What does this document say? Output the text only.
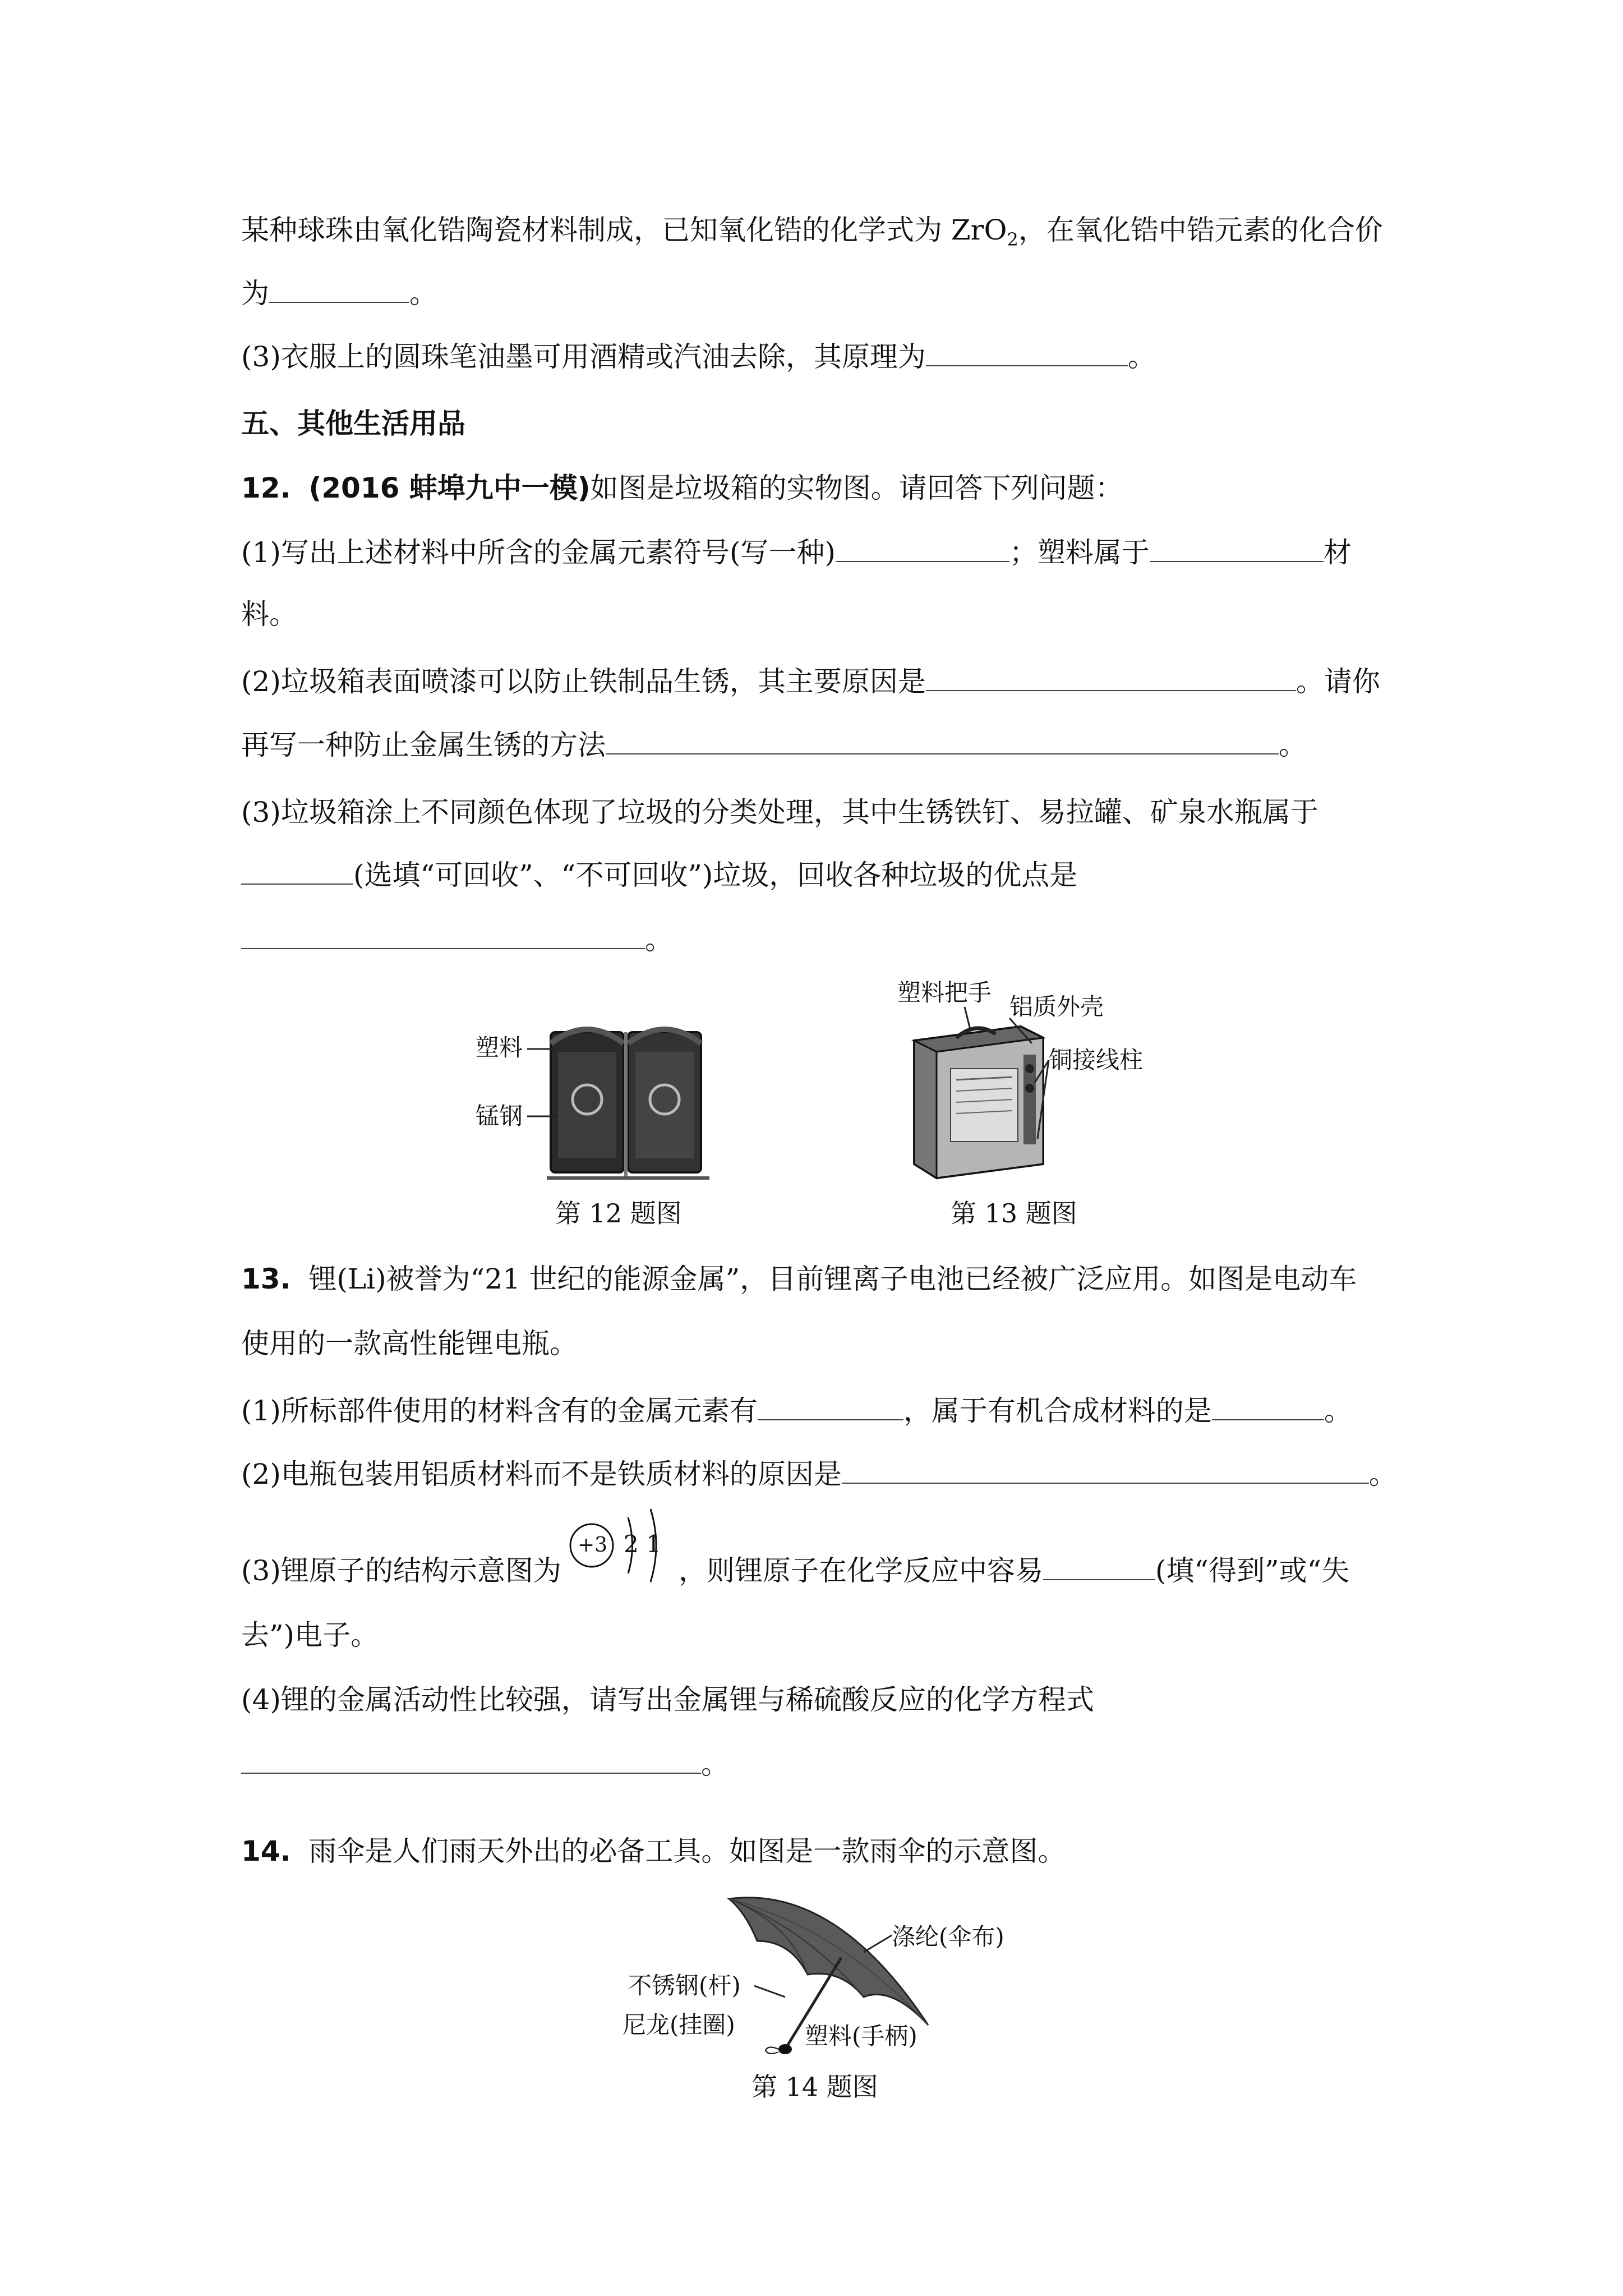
某种球珠由氧化锆陶瓷材料制成，已知氧化锆的化学式为 ZrO$_2$，在氧化锆中锆元素的化合价
为	。
(3)衣服上的圆珠笔油墨可用酒精或汽油去除，其原理为	。
五、其他生活用品
12. (2016 蚌埠九中一模)如图是垃圾箱的实物图。请回答下列问题：
(1)写出上述材料中所含的金属元素符号(写一种)	；塑料属于	材
料。
(2)垃圾箱表面喷漆可以防止铁制品生锈，其主要原因是	。请你
再写一种防止金属生锈的方法	。
(3)垃圾箱涂上不同颜色体现了垃圾的分类处理，其中生锈铁钉、易拉罐、矿泉水瓶属于
(选填“可回收”、“不可回收”)垃圾，回收各种垃圾的优点是
。
塑料
锰钢
第 12 题图
塑料把手
铝质外壳
铜接线柱
第 13 题图
13. 锂(Li)被誉为“21 世纪的能源金属”，目前锂离子电池已经被广泛应用。如图是电动车
使用的一款高性能锂电瓶。
(1)所标部件使用的材料含有的金属元素有	，属于有机合成材料的是	。
(2)电瓶包装用铝质材料而不是铁质材料的原因是	。
+3 2 1
(3)锂原子的结构示意图为	，则锂原子在化学反应中容易	(填“得到”或“失
去”)电子。
(4)锂的金属活动性比较强，请写出金属锂与稀硫酸反应的化学方程式
。
14. 雨伞是人们雨天外出的必备工具。如图是一款雨伞的示意图。
涤纶(伞布)
不锈钢(杆)
尼龙(挂圈)	塑料(手柄)
第 14 题图
